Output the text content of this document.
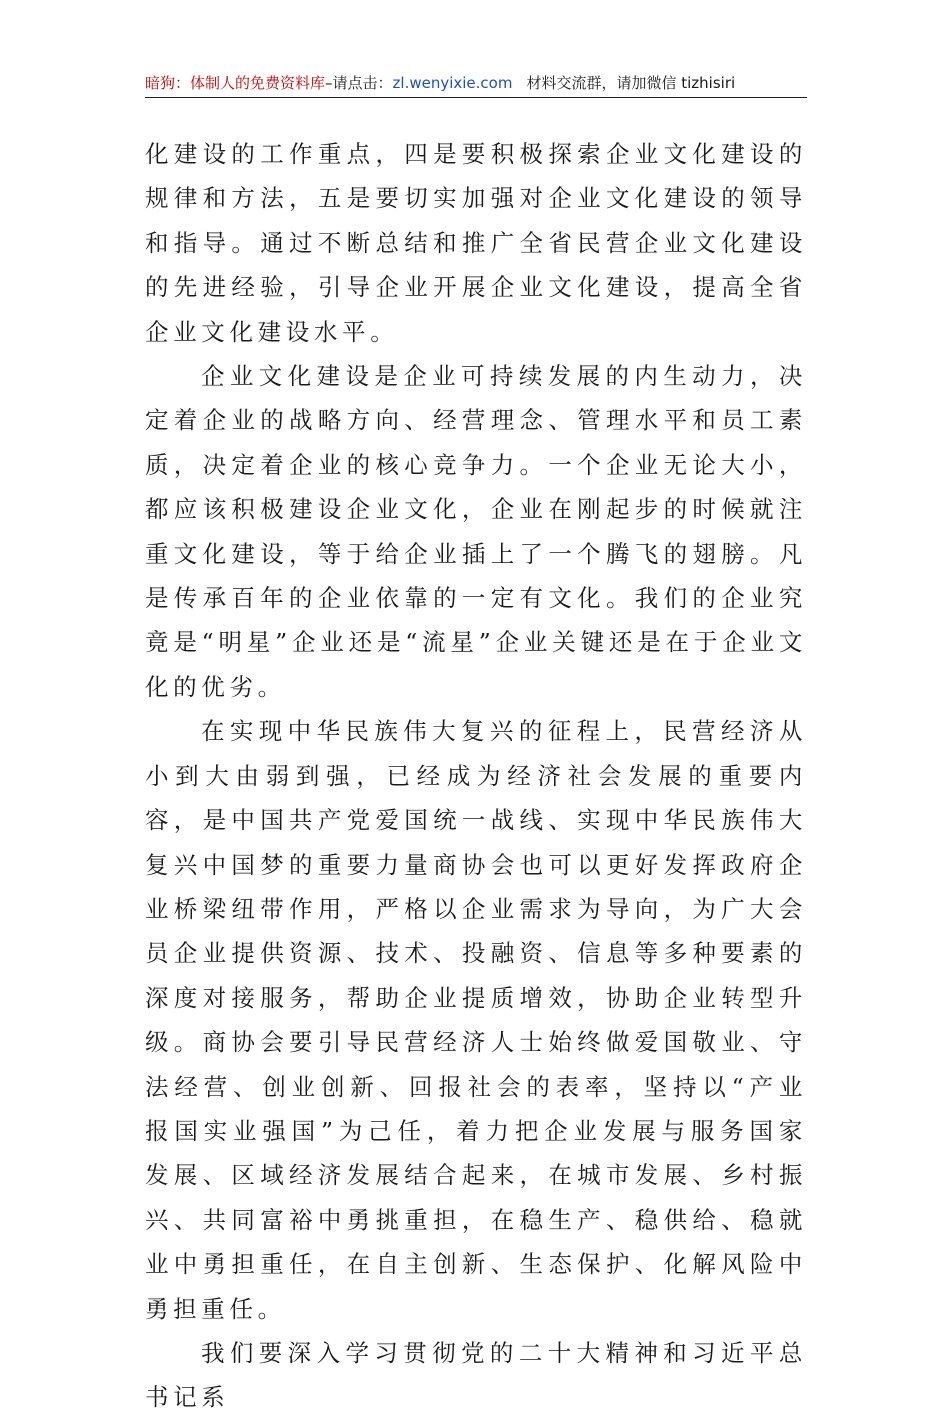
暗狗：体制人的免费资料库–请点击：zl.wenyixie.com 材料交流群，请加微信 tizhisiri

化建设的工作重点，四是要积极探索企业文化建设的规律和方法，五是要切实加强对企业文化建设的领导和指导。通过不断总结和推广全省民营企业文化建设的先进经验，引导企业开展企业文化建设，提高全省企业文化建设水平。

企业文化建设是企业可持续发展的内生动力，决定着企业的战略方向、经营理念、管理水平和员工素质，决定着企业的核心竞争力。一个企业无论大小，都应该积极建设企业文化，企业在刚起步的时候就注重文化建设，等于给企业插上了一个腾飞的翅膀。凡是传承百年的企业依靠的一定有文化。我们的企业究竟是“明星”企业还是“流星”企业关键还是在于企业文化的优劣。

在实现中华民族伟大复兴的征程上，民营经济从小到大由弱到强，已经成为经济社会发展的重要内容，是中国共产党爱国统一战线、实现中华民族伟大复兴中国梦的重要力量商协会也可以更好发挥政府企业桥梁纽带作用，严格以企业需求为导向，为广大会员企业提供资源、技术、投融资、信息等多种要素的深度对接服务，帮助企业提质增效，协助企业转型升级。商协会要引导民营经济人士始终做爱国敬业、守法经营、创业创新、回报社会的表率，坚持以“产业报国实业强国”为己任，着力把企业发展与服务国家发展、区域经济发展结合起来，在城市发展、乡村振兴、共同富裕中勇挑重担，在稳生产、稳供给、稳就业中勇担重任，在自主创新、生态保护、化解风险中勇担重任。

我们要深入学习贯彻党的二十大精神和习近平总书记系
